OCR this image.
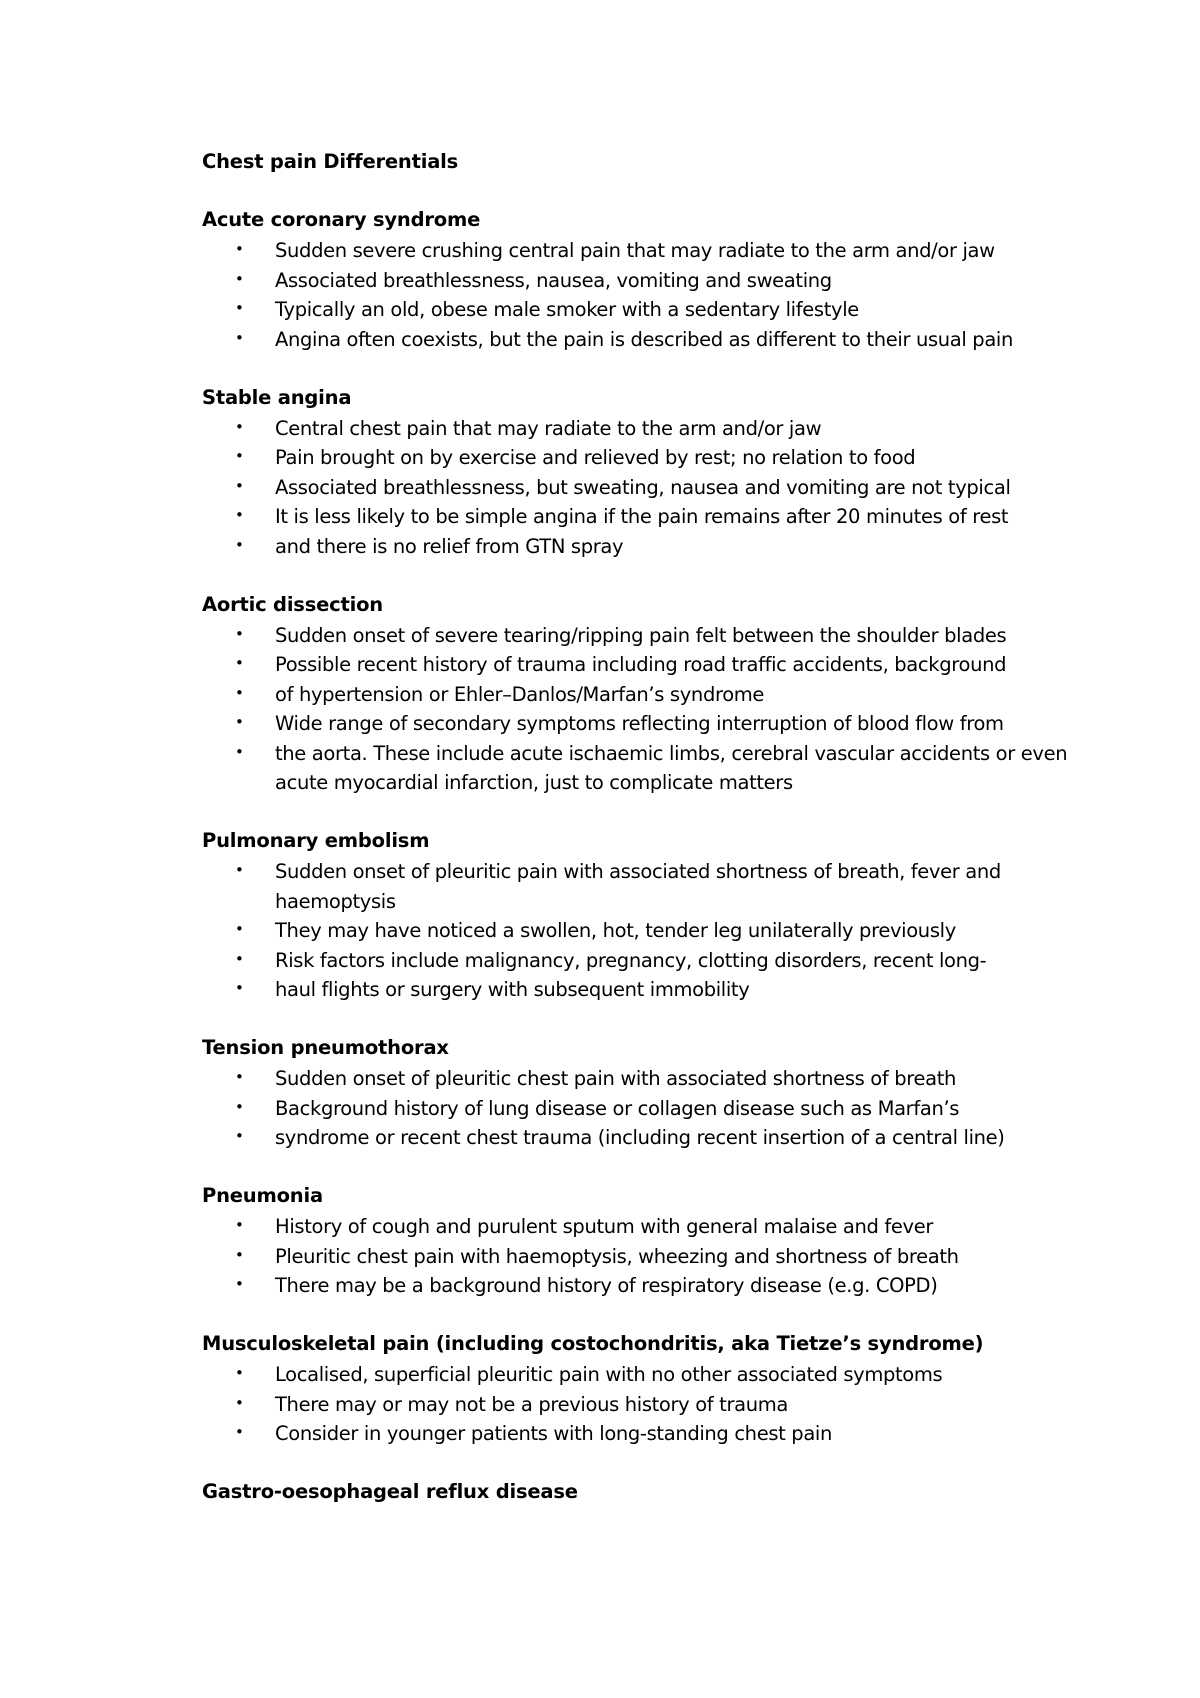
Chest pain Differentials
Acute coronary syndrome
• Sudden severe crushing central pain that may radiate to the arm and/or jaw
• Associated breathlessness, nausea, vomiting and sweating
• Typically an old, obese male smoker with a sedentary lifestyle
• Angina often coexists, but the pain is described as different to their usual pain
Stable angina
• Central chest pain that may radiate to the arm and/or jaw
• Pain brought on by exercise and relieved by rest; no relation to food
• Associated breathlessness, but sweating, nausea and vomiting are not typical
• It is less likely to be simple angina if the pain remains after 20 minutes of rest
• and there is no relief from GTN spray
Aortic dissection
• Sudden onset of severe tearing/ripping pain felt between the shoulder blades
• Possible recent history of trauma including road traffic accidents, background
• of hypertension or Ehler–Danlos/Marfan’s syndrome
• Wide range of secondary symptoms reflecting interruption of blood flow from
• the aorta. These include acute ischaemic limbs, cerebral vascular accidents or even acute myocardial infarction, just to complicate matters
Pulmonary embolism
• Sudden onset of pleuritic pain with associated shortness of breath, fever and haemoptysis
• They may have noticed a swollen, hot, tender leg unilaterally previously
• Risk factors include malignancy, pregnancy, clotting disorders, recent long-
• haul flights or surgery with subsequent immobility
Tension pneumothorax
• Sudden onset of pleuritic chest pain with associated shortness of breath
• Background history of lung disease or collagen disease such as Marfan’s
• syndrome or recent chest trauma (including recent insertion of a central line)
Pneumonia
• History of cough and purulent sputum with general malaise and fever
• Pleuritic chest pain with haemoptysis, wheezing and shortness of breath
• There may be a background history of respiratory disease (e.g. COPD)
Musculoskeletal pain (including costochondritis, aka Tietze’s syndrome)
• Localised, superficial pleuritic pain with no other associated symptoms
• There may or may not be a previous history of trauma
• Consider in younger patients with long-standing chest pain
Gastro-oesophageal reflux disease
